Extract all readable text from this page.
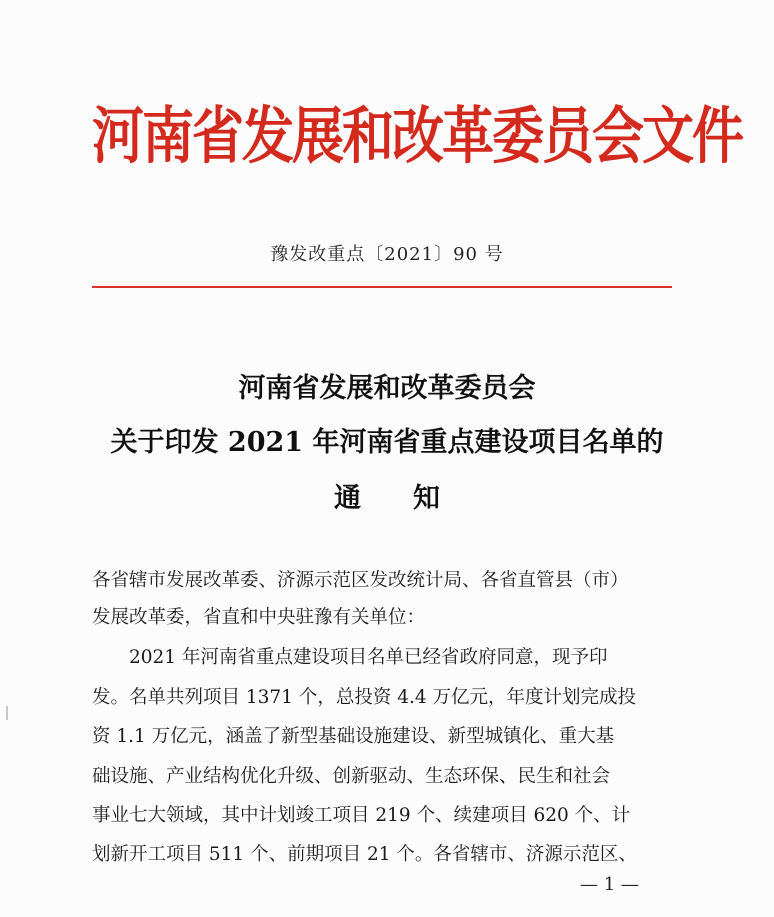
河南省发展和改革委员会文件
豫发改重点〔2021〕90 号
河南省发展和改革委员会
关于印发 2021 年河南省重点建设项目名单的
通知
各省辖市发展改革委、济源示范区发改统计局、各省直管县（市）
发展改革委，省直和中央驻豫有关单位：
2021 年河南省重点建设项目名单已经省政府同意，现予印
发。名单共列项目 1371 个，总投资 4.4 万亿元，年度计划完成投
资 1.1 万亿元，涵盖了新型基础设施建设、新型城镇化、重大基
础设施、产业结构优化升级、创新驱动、生态环保、民生和社会
事业七大领域，其中计划竣工项目 219 个、续建项目 620 个、计
划新开工项目 511 个、前期项目 21 个。各省辖市、济源示范区、
— 1 —
